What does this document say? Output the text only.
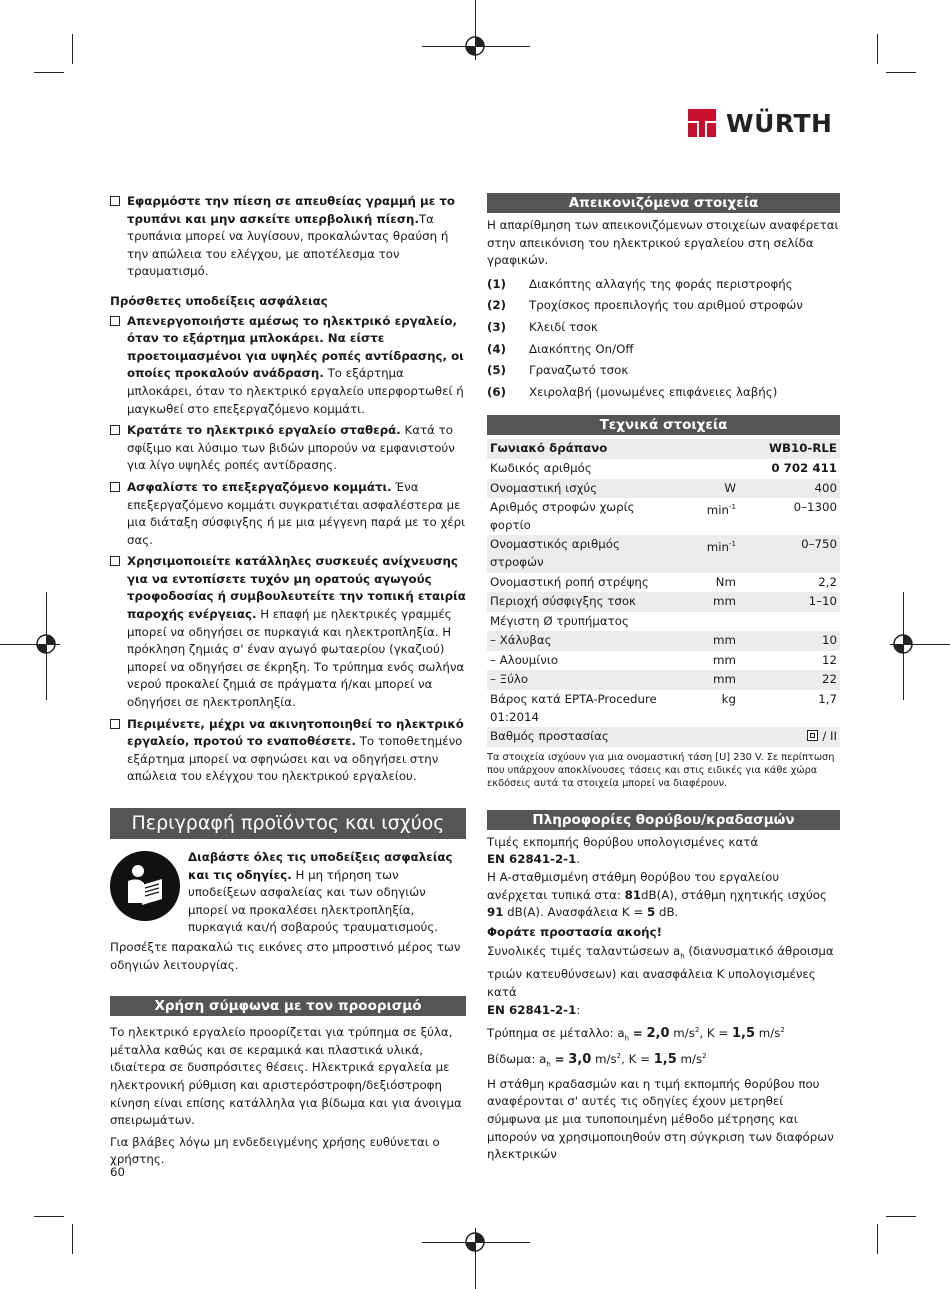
WÜRTH
Εφαρμόστε την πίεση σε απευθείας γραμμή με το τρυπάνι και μην ασκείτε υπερβολική πίεση.Τα τρυπάνια μπορεί να λυγίσουν, προκαλώντας θραύση ή την απώλεια του ελέγχου, με αποτέλεσμα τον τραυματισμό.
Πρόσθετες υποδείξεις ασφάλειας
Απενεργοποιήστε αμέσως το ηλεκτρικό εργαλείο, όταν το εξάρτημα μπλοκάρει. Να είστε προετοιμασμένοι για υψηλές ροπές αντίδρασης, οι οποίες προκαλούν ανάδραση. Το εξάρτημα μπλοκάρει, όταν το ηλεκτρικό εργαλείο υπερφορτωθεί ή μαγκωθεί στο επεξεργαζόμενο κομμάτι.
Κρατάτε το ηλεκτρικό εργαλείο σταθερά. Κατά το σφίξιμο και λύσιμο των βιδών μπορούν να εμφανιστούν για λίγο υψηλές ροπές αντίδρασης.
Ασφαλίστε το επεξεργαζόμενο κομμάτι. Ένα επεξεργαζόμενο κομμάτι συγκρατιέται ασφαλέστερα με μια διάταξη σύσφιγξης ή με μια μέγγενη παρά με το χέρι σας.
Χρησιμοποιείτε κατάλληλες συσκευές ανίχνευσης για να εντοπίσετε τυχόν μη ορατούς αγωγούς τροφοδοσίας ή συμβουλευτείτε την τοπική εταιρία παροχής ενέργειας. Η επαφή με ηλεκτρικές γραμμές μπορεί να οδηγήσει σε πυρκαγιά και ηλεκτροπληξία. Η πρόκληση ζημιάς σ' έναν αγωγό φωταερίου (γκαζιού) μπορεί να οδηγήσει σε έκρηξη. Το τρύπημα ενός σωλήνα νερού προκαλεί ζημιά σε πράγματα ή/και μπορεί να οδηγήσει σε ηλεκτροπληξία.
Περιμένετε, μέχρι να ακινητοποιηθεί το ηλεκτρικό εργαλείο, προτού το εναποθέσετε. Το τοποθετημένο εξάρτημα μπορεί να σφηνώσει και να οδηγήσει στην απώλεια του ελέγχου του ηλεκτρικού εργαλείου.
Περιγραφή προϊόντος και ισχύος
Διαβάστε όλες τις υποδείξεις ασφαλείας και τις οδηγίες. Η μη τήρηση των υποδείξεων ασφαλείας και των οδηγιών μπορεί να προκαλέσει ηλεκτροπληξία, πυρκαγιά και/ή σοβαρούς τραυματισμούς.
Προσέξτε παρακαλώ τις εικόνες στο μπροστινό μέρος των οδηγιών λειτουργίας.
Χρήση σύμφωνα με τον προορισμό
Το ηλεκτρικό εργαλείο προορίζεται για τρύπημα σε ξύλα, μέταλλα καθώς και σε κεραμικά και πλαστικά υλικά, ιδιαίτερα σε δυσπρόσιτες θέσεις. Ηλεκτρικά εργαλεία με ηλεκτρονική ρύθμιση και αριστερόστροφη/δεξιόστροφη κίνηση είναι επίσης κατάλληλα για βίδωμα και για άνοιγμα σπειρωμάτων.
Για βλάβες λόγω μη ενδεδειγμένης χρήσης ευθύνεται ο χρήστης.
60
Απεικονιζόμενα στοιχεία
Η απαρίθμηση των απεικονιζόμενων στοιχείων αναφέρεται στην απεικόνιση του ηλεκτρικού εργαλείου στη σελίδα γραφικών.
(1)	Διακόπτης αλλαγής της φοράς περιστροφής
(2)	Τροχίσκος προεπιλογής του αριθμού στροφών
(3)	Κλειδί τσοκ
(4)	Διακόπτης On/Off
(5)	Γραναζωτό τσοκ
(6)	Χειρολαβή (μονωμένες επιφάνειες λαβής)
Τεχνικά στοιχεία
Γωνιακό δράπανο		WB10-RLE
Κωδικός αριθμός		0 702 411
Ονομαστική ισχύς	W	400
Αριθμός στροφών χωρίς φορτίο	$\min^{-1}$	0–1300
Ονομαστικός αριθμός στροφών	$\min^{-1}$	0–750
Ονομαστική ροπή στρέψης	Nm	2,2
Περιοχή σύσφιγξης τσοκ	mm	1–10
Μέγιστη Ø τρυπήματος		
– Χάλυβας	mm	10
– Αλουμίνιο	mm	12
– Ξύλο	mm	22
Βάρος κατά EPTA-Procedure 01:2014	kg	1,7
Βαθμός προστασίας		/ II
Τα στοιχεία ισχύουν για μια ονομαστική τάση [U] 230 V. Σε περίπτωση που υπάρχουν αποκλίνουσες τάσεις και στις ειδικές για κάθε χώρα εκδόσεις αυτά τα στοιχεία μπορεί να διαφέρουν.
Πληροφορίες θορύβου/κραδασμών
Τιμές εκπομπής θορύβου υπολογισμένες κατά
EN 62841-2-1.
Η A-σταθμισμένη στάθμη θορύβου του εργαλείου ανέρχεται τυπικά στα: 81dB(A), στάθμη ηχητικής ισχύος 91 dB(A). Ανασφάλεια K = 5 dB.
Φοράτε προστασία ακοής!
Συνολικές τιμές ταλαντώσεων $a_h$ (διανυσματικό άθροισμα τριών κατευθύνσεων) και ανασφάλεια K υπολογισμένες κατά
EN 62841-2-1:
Τρύπημα σε μέταλλο: $a_h = 2,0$ $m/s^2$, K = 1,5 $m/s^2$
Βίδωμα: $a_h = 3,0$ $m/s^2$, K = 1,5 $m/s^2$
Η στάθμη κραδασμών και η τιμή εκπομπής θορύβου που αναφέρονται σ' αυτές τις οδηγίες έχουν μετρηθεί σύμφωνα με μια τυποποιημένη μέθοδο μέτρησης και μπορούν να χρησιμοποιηθούν στη σύγκριση των διαφόρων ηλεκτρικών
